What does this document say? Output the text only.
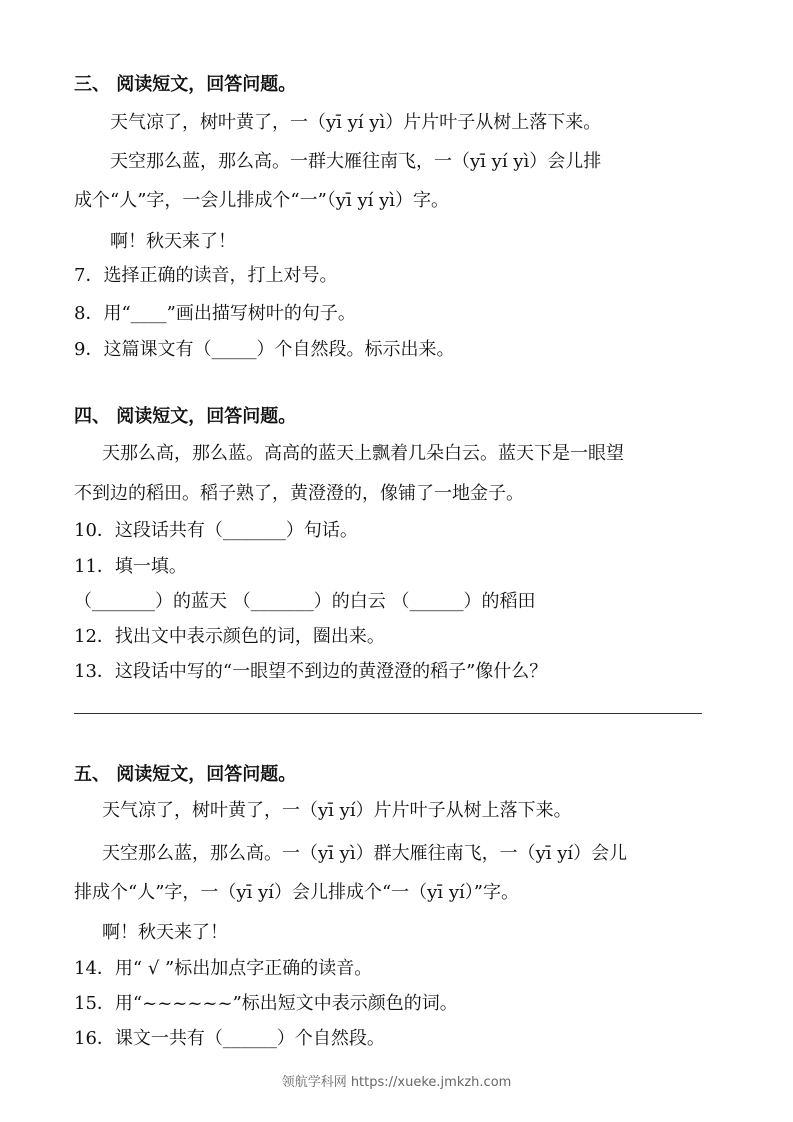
三、 阅读短文，回答问题。
天气凉了，树叶黄了，一（yī yí yì）片片叶子从树上落下来。
天空那么蓝，那么高。一群大雁往南飞，一（yī yí yì）会儿排
成个“人”字，一会儿排成个“一”（yī yí yì）字。
啊！秋天来了！
7．选择正确的读音，打上对号。
8．用“____”画出描写树叶的句子。
9．这篇课文有（_____）个自然段。标示出来。
四、 阅读短文，回答问题。
天那么高，那么蓝。高高的蓝天上飘着几朵白云。蓝天下是一眼望
不到边的稻田。稻子熟了，黄澄澄的，像铺了一地金子。
10．这段话共有（_______）句话。
11．填一填。
（_______）的蓝天 （_______）的白云 （______）的稻田
12．找出文中表示颜色的词，圈出来。
13．这段话中写的“一眼望不到边的黄澄澄的稻子”像什么？
五、 阅读短文，回答问题。
天气凉了，树叶黄了，一（yī yí）片片叶子从树上落下来。
天空那么蓝，那么高。一（yī yì）群大雁往南飞，一（yī yí）会儿
排成个“人”字，一（yī yí）会儿排成个“一（yī yí）”字。
啊！秋天来了！
14．用“ √ ”标出加点字正确的读音。
15．用“~~~~~~”标出短文中表示颜色的词。
16．课文一共有（______）个自然段。
领航学科网 https://xueke.jmkzh.com
